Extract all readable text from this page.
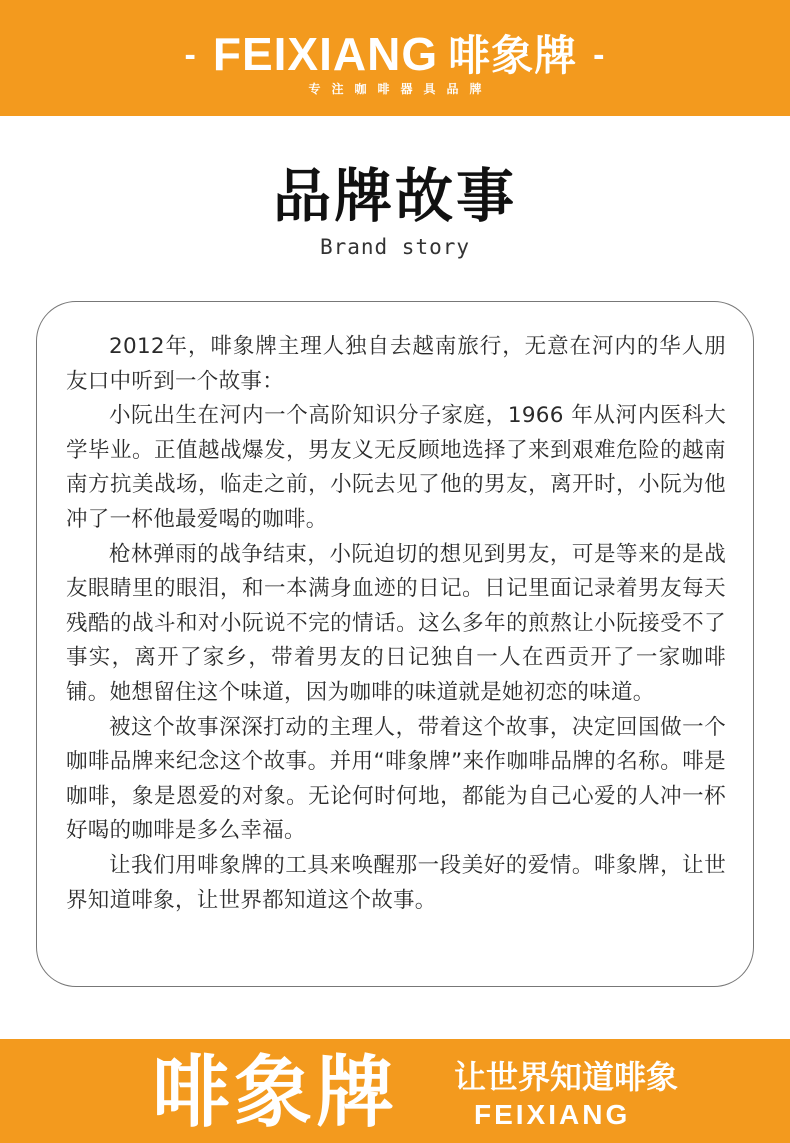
- FEIXIANG 啡象牌 -
专注咖啡器具品牌
品牌故事
Brand story

2012年，啡象牌主理人独自去越南旅行，无意在河内的华人朋友口中听到一个故事：

小阮出生在河内一个高阶知识分子家庭，1966 年从河内医科大学毕业。正值越战爆发，男友义无反顾地选择了来到艰难危险的越南南方抗美战场，临走之前，小阮去见了他的男友，离开时，小阮为他冲了一杯他最爱喝的咖啡。

枪林弹雨的战争结束，小阮迫切的想见到男友，可是等来的是战友眼睛里的眼泪，和一本满身血迹的日记。日记里面记录着男友每天残酷的战斗和对小阮说不完的情话。这么多年的煎熬让小阮接受不了事实，离开了家乡，带着男友的日记独自一人在西贡开了一家咖啡铺。她想留住这个味道，因为咖啡的味道就是她初恋的味道。

被这个故事深深打动的主理人，带着这个故事，决定回国做一个咖啡品牌来纪念这个故事。并用“啡象牌”来作咖啡品牌的名称。啡是咖啡，象是恩爱的对象。无论何时何地，都能为自己心爱的人冲一杯好喝的咖啡是多么幸福。

让我们用啡象牌的工具来唤醒那一段美好的爱情。啡象牌，让世界知道啡象，让世界都知道这个故事。

啡象牌 让世界知道啡象
FEIXIANG
